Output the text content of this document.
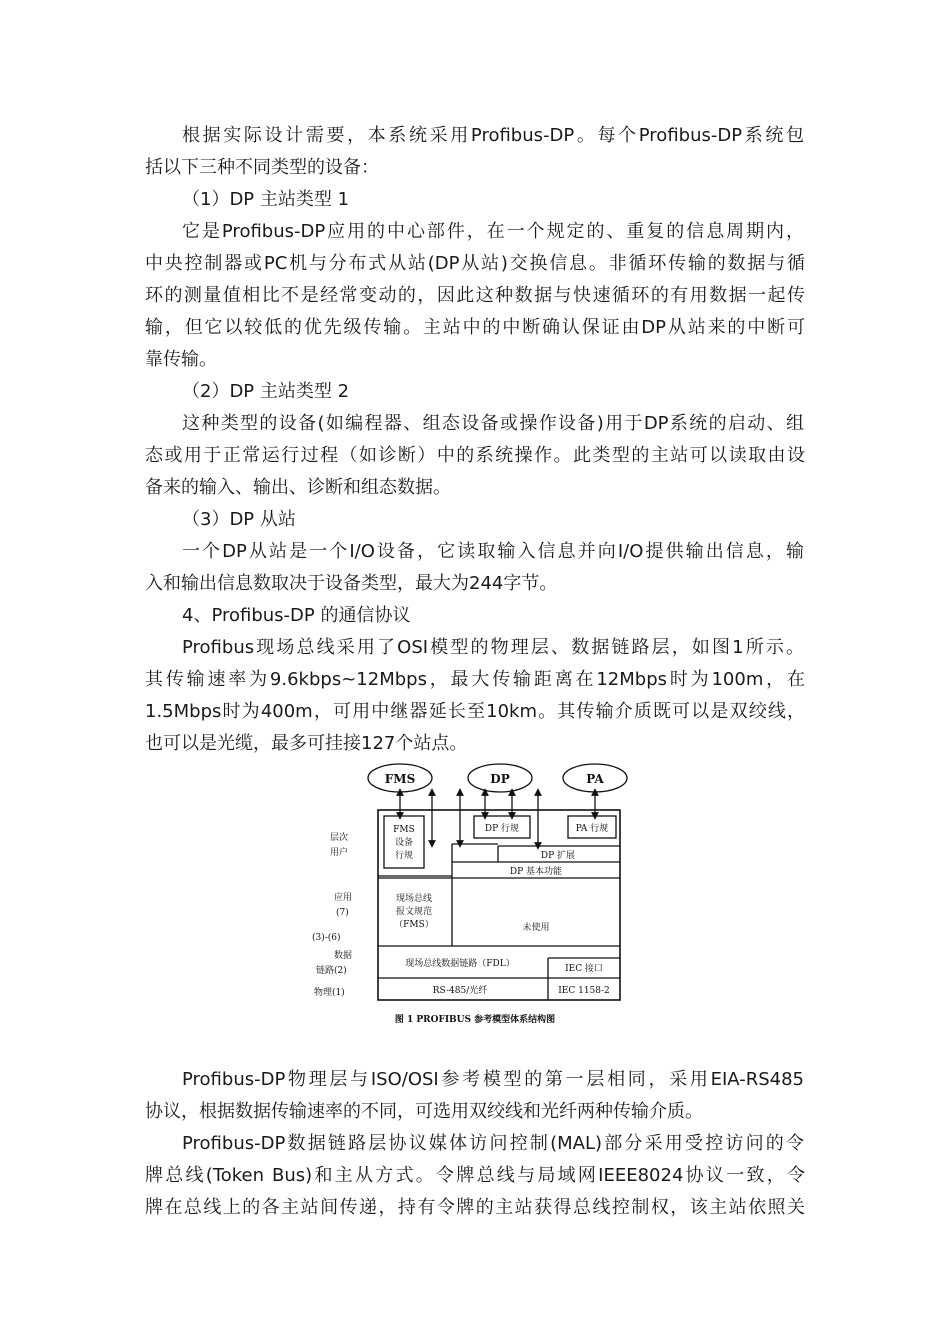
根据实际设计需要，本系统采用Profibus-DP。每个Profibus-DP系统包
括以下三种不同类型的设备：
（1）DP 主站类型 1
它是Profibus-DP应用的中心部件，在一个规定的、重复的信息周期内，
中央控制器或PC机与分布式从站(DP从站)交换信息。非循环传输的数据与循
环的测量值相比不是经常变动的，因此这种数据与快速循环的有用数据一起传
输，但它以较低的优先级传输。主站中的中断确认保证由DP从站来的中断可
靠传输。
（2）DP 主站类型 2
这种类型的设备(如编程器、组态设备或操作设备)用于DP系统的启动、组
态或用于正常运行过程（如诊断）中的系统操作。此类型的主站可以读取由设
备来的输入、输出、诊断和组态数据。
（3）DP 从站
一个DP从站是一个I/O设备，它读取输入信息并向I/O提供输出信息，输
入和输出信息数取决于设备类型，最大为244字节。
4、Profibus-DP 的通信协议
Profibus现场总线采用了OSI模型的物理层、数据链路层，如图1所示。
其传输速率为9.6kbps~12Mbps，最大传输距离在12Mbps时为100m，在
1.5Mbps时为400m，可用中继器延长至10km。其传输介质既可以是双绞线，
也可以是光缆，最多可挂接127个站点。
FMS	DP	PA
层次
用户
应用
(7)
(3)-(6)
数据
链路(2)
物理(1)
FMS
设备
行规
DP 行规	PA 行规
DP 扩展
DP 基本功能
现场总线
报文规范
（FMS）	未使用
现场总线数据链路（FDL）	IEC 接口
RS-485/光纤	IEC 1158-2
图 1 PROFIBUS 参考模型体系结构图
Profibus-DP物理层与ISO/OSI参考模型的第一层相同，采用EIA-RS485
协议，根据数据传输速率的不同，可选用双绞线和光纤两种传输介质。
Profibus-DP数据链路层协议媒体访问控制(MAL)部分采用受控访问的令
牌总线(Token Bus)和主从方式。令牌总线与局域网IEEE8024协议一致，令
牌在总线上的各主站间传递，持有令牌的主站获得总线控制权，该主站依照关
